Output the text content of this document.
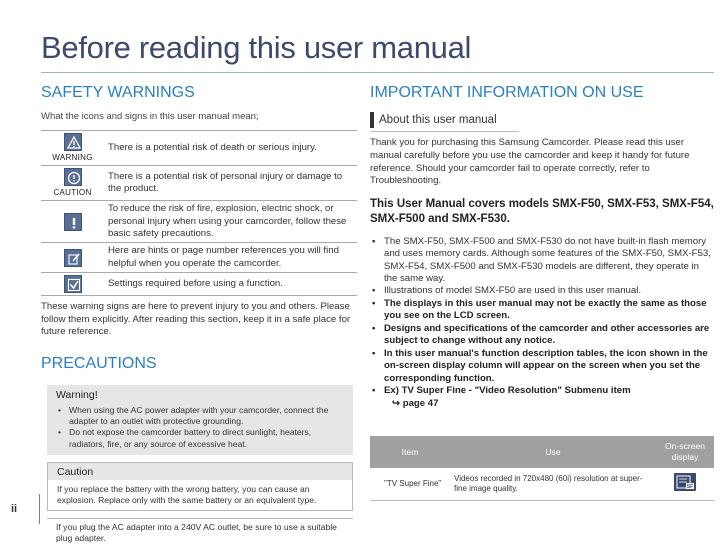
Before reading this user manual
SAFETY WARNINGS
What the icons and signs in this user manual mean;
WARNING	There is a potential risk of death or serious injury.

CAUTION	There is a potential risk of personal injury or damage to the product.

	To reduce the risk of fire, explosion, electric shock, or personal injury when using your camcorder, follow these basic safety precautions.

	Here are hints or page number references you will find helpful when you operate the camcorder.

	Settings required before using a function.
These warning signs are here to prevent injury to you and others. Please follow them explicitly. After reading this section, keep it in a safe place for future reference.
PRECAUTIONS
Warning!
• When using the AC power adapter with your camcorder, connect the adapter to an outlet with protective grounding.
• Do not expose the camcorder battery to direct sunlight, heaters, radiators, fire, or any source of excessive heat.
Caution
If you replace the battery with the wrong battery, you can cause an explosion. Replace only with the same battery or an equivalent type.
If you plug the AC adapter into a 240V AC outlet, be sure to use a suitable plug adapter.
ii
IMPORTANT INFORMATION ON USE
About this user manual
Thank you for purchasing this Samsung Camcorder. Please read this user manual carefully before you use the camcorder and keep it handy for future reference. Should your camcorder fail to operate correctly, refer to Troubleshooting.
This User Manual covers models SMX-F50, SMX-F53, SMX-F54, SMX-F500 and SMX-F530.
• The SMX-F50, SMX-F500 and SMX-F530 do not have built-in flash memory and uses memory cards. Although some features of the SMX-F50, SMX-F53, SMX-F54, SMX-F500 and SMX-F530 models are different, they operate in the same way.
• Illustrations of model SMX-F50 are used in this user manual.
• The displays in this user manual may not be exactly the same as those you see on the LCD screen.
• Designs and specifications of the camcorder and other accessories are subject to change without any notice.
• In this user manual's function description tables, the icon shown in the on-screen display column will appear on the screen when you set the corresponding function.
• Ex) TV Super Fine - "Video Resolution" Submenu item
↪ page 47
Item	Use	On-screen display
"TV Super Fine"	Videos recorded in 720x480 (60i) resolution at super-fine image quality.	SF
